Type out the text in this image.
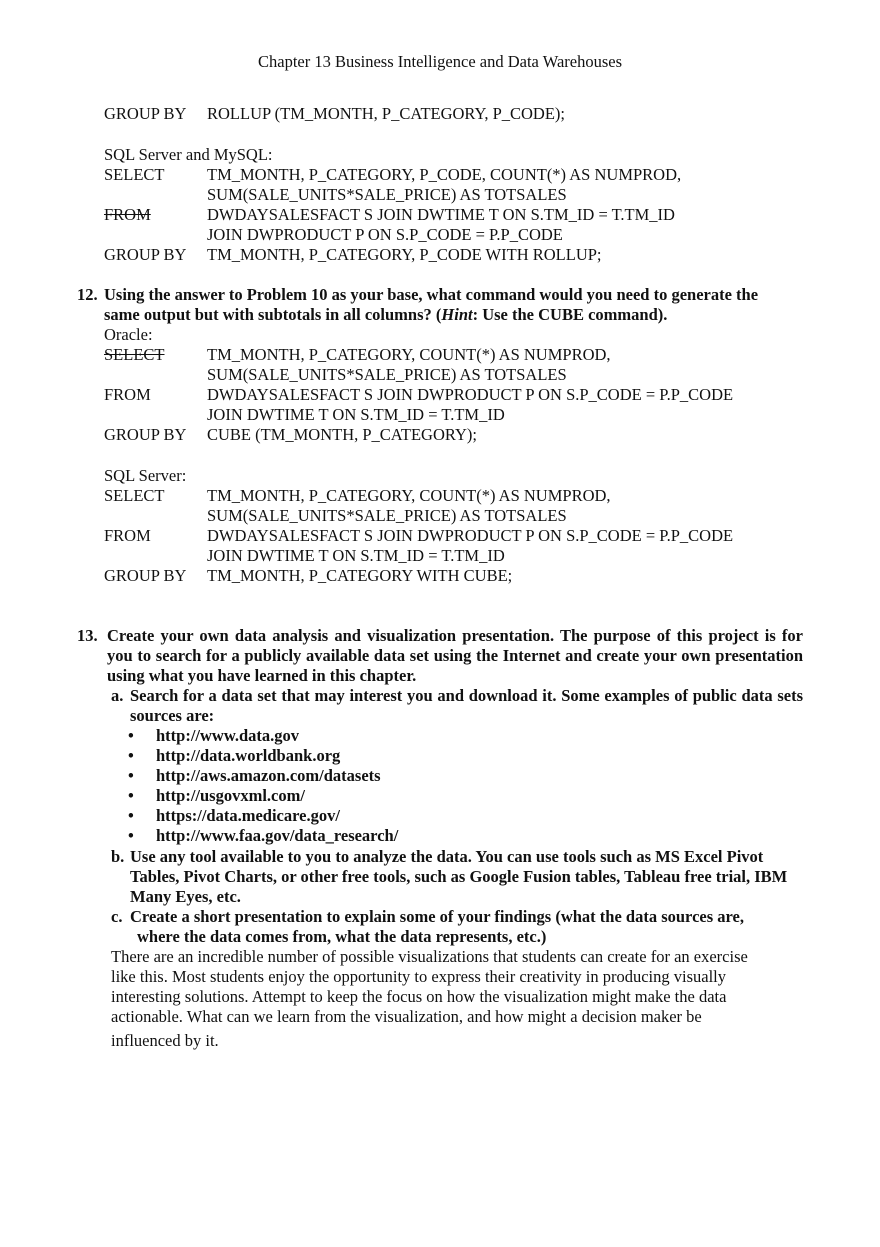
Chapter 13 Business Intelligence and Data Warehouses
GROUP BY ROLLUP (TM_MONTH, P_CATEGORY, P_CODE);
SQL Server and MySQL:
SELECT	TM_MONTH, P_CATEGORY, P_CODE, COUNT(*) AS NUMPROD,
SUM(SALE_UNITS*SALE_PRICE) AS TOTSALES
FROM	DWDAYSALESFACT S JOIN DWTIME T ON S.TM_ID = T.TM_ID
JOIN DWPRODUCT P ON S.P_CODE = P.P_CODE
GROUP BY TM_MONTH, P_CATEGORY, P_CODE WITH ROLLUP;
12. Using the answer to Problem 10 as your base, what command would you need to generate the
same output but with subtotals in all columns? (Hint: Use the CUBE command).
Oracle:
SELECT	TM_MONTH, P_CATEGORY, COUNT(*) AS NUMPROD,
SUM(SALE_UNITS*SALE_PRICE) AS TOTSALES
FROM	DWDAYSALESFACT S JOIN DWPRODUCT P ON S.P_CODE = P.P_CODE
JOIN DWTIME T ON S.TM_ID = T.TM_ID
GROUP BY CUBE (TM_MONTH, P_CATEGORY);
SQL Server:
SELECT	TM_MONTH, P_CATEGORY, COUNT(*) AS NUMPROD,
SUM(SALE_UNITS*SALE_PRICE) AS TOTSALES
FROM	DWDAYSALESFACT S JOIN DWPRODUCT P ON S.P_CODE = P.P_CODE
JOIN DWTIME T ON S.TM_ID = T.TM_ID
GROUP BY TM_MONTH, P_CATEGORY WITH CUBE;
13. Create your own data analysis and visualization presentation. The purpose of this project is for you to search for a publicly available data set using the Internet and create your own presentation using what you have learned in this chapter.
a. Search for a data set that may interest you and download it. Some examples of public data sets sources are:
• http://www.data.gov
• http://data.worldbank.org
• http://aws.amazon.com/datasets
• http://usgovxml.com/
• https://data.medicare.gov/
• http://www.faa.gov/data_research/
b. Use any tool available to you to analyze the data. You can use tools such as MS Excel Pivot Tables, Pivot Charts, or other free tools, such as Google Fusion tables, Tableau free trial, IBM Many Eyes, etc.
c. Create a short presentation to explain some of your findings (what the data sources are,
where the data comes from, what the data represents, etc.)
There are an incredible number of possible visualizations that students can create for an exercise
like this. Most students enjoy the opportunity to express their creativity in producing visually
interesting solutions. Attempt to keep the focus on how the visualization might make the data
actionable. What can we learn from the visualization, and how might a decision maker be
influenced by it.
